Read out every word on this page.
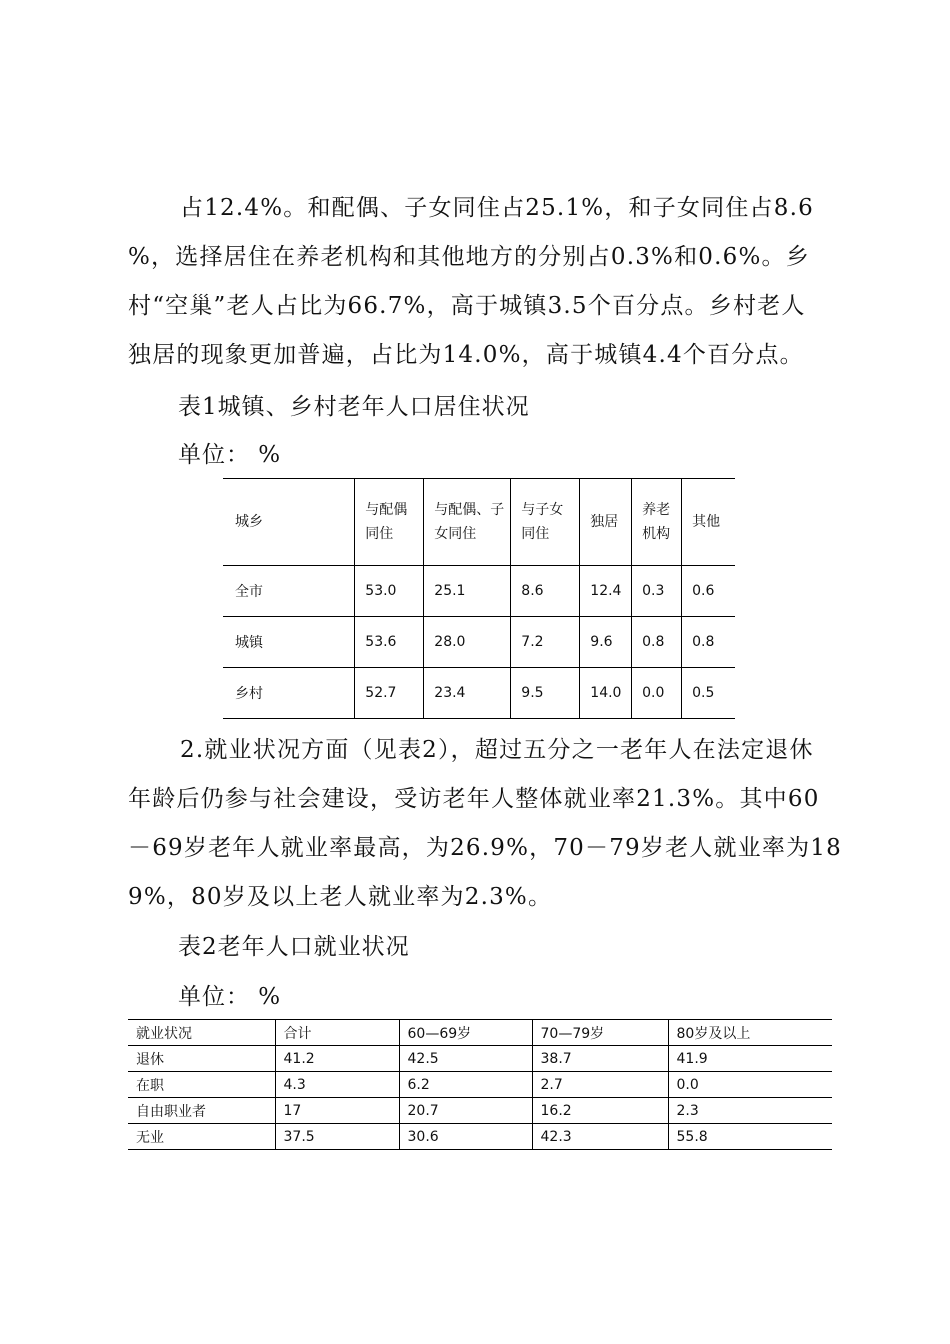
占12.4%。和配偶、子女同住占25.1%，和子女同住占8.6
%，选择居住在养老机构和其他地方的分别占0.3%和0.6%。乡
村“空巢”老人占比为66.7%，高于城镇3.5个百分点。乡村老人
独居的现象更加普遍，占比为14.0%，高于城镇4.4个百分点。

表1城镇、乡村老年人口居住状况

单位： %

城乡	与配偶同住	与配偶、子女同住	与子女同住	独居	养老机构	其他
全市	53.0	25.1	8.6	12.4	0.3	0.6
城镇	53.6	28.0	7.2	9.6	0.8	0.8
乡村	52.7	23.4	9.5	14.0	0.0	0.5
2.就业状况方面（见表2），超过五分之一老年人在法定退休
年龄后仍参与社会建设，受访老年人整体就业率21.3%。其中60
－69岁老年人就业率最高，为26.9%，70－79岁老人就业率为18
9%，80岁及以上老人就业率为2.3%。

表2老年人口就业状况

单位： %

就业状况	合计	60—69岁	70—79岁	80岁及以上
退休	41.2	42.5	38.7	41.9
在职	4.3	6.2	2.7	0.0
自由职业者	17	20.7	16.2	2.3
无业	37.5	30.6	42.3	55.8
